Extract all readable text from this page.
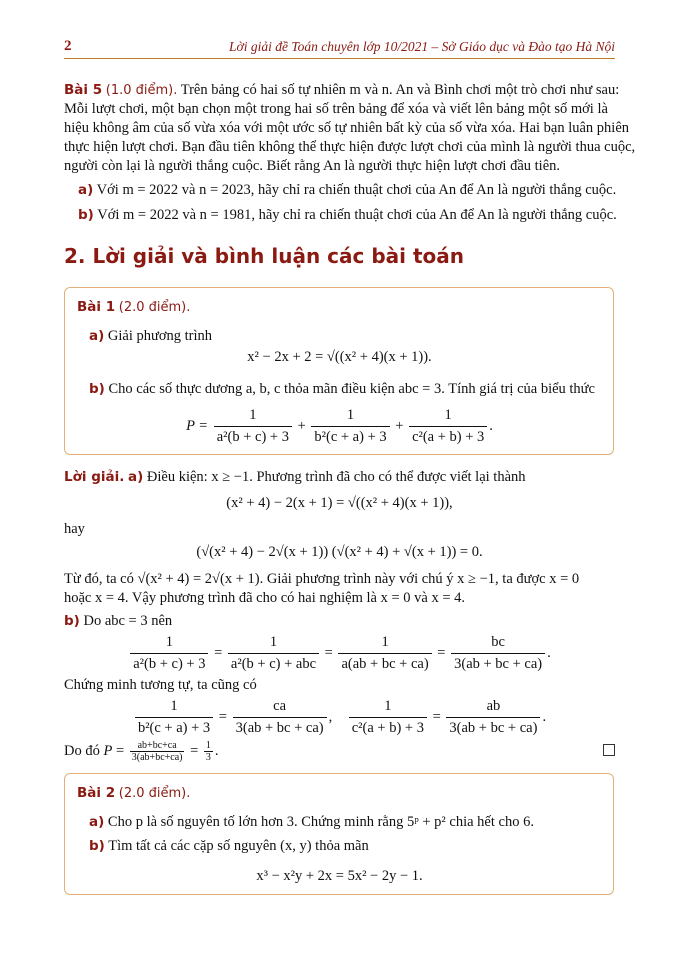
2	Lời giải đề Toán chuyên lớp 10/2021 – Sở Giáo dục và Đào tạo Hà Nội
Bài 5 (1.0 điểm). Trên bảng có hai số tự nhiên m và n. An và Bình chơi một trò chơi như sau:
Mỗi lượt chơi, một bạn chọn một trong hai số trên bảng để xóa và viết lên bảng một số mới là
hiệu không âm của số vừa xóa với một ước số tự nhiên bất kỳ của số vừa xóa. Hai bạn luân phiên
thực hiện lượt chơi. Bạn đầu tiên không thể thực hiện được lượt chơi của mình là người thua cuộc,
người còn lại là người thắng cuộc. Biết rằng An là người thực hiện lượt chơi đầu tiên.
a) Với m = 2022 và n = 2023, hãy chỉ ra chiến thuật chơi của An để An là người thắng cuộc.
b) Với m = 2022 và n = 1981, hãy chỉ ra chiến thuật chơi của An để An là người thắng cuộc.
2. Lời giải và bình luận các bài toán
Bài 1 (2.0 điểm).
a) Giải phương trình
x² − 2x + 2 = √((x² + 4)(x + 1)).
b) Cho các số thực dương a, b, c thỏa mãn điều kiện abc = 3. Tính giá trị của biểu thức
$P = \frac{1}{\text{a²(b + c) + 3}} + \frac{1}{\text{b²(c + a) + 3}} + \frac{1}{\text{c²(a + b) + 3}}$ .
Lời giải. a) Điều kiện: x ≥ −1. Phương trình đã cho có thể được viết lại thành
(x² + 4) − 2(x + 1) = √((x² + 4)(x + 1)),
hay
(√(x² + 4) − 2√(x + 1)) (√(x² + 4) + √(x + 1)) = 0.
Từ đó, ta có √(x² + 4) = 2√(x + 1). Giải phương trình này với chú ý x ≥ −1, ta được x = 0
hoặc x = 4. Vậy phương trình đã cho có hai nghiệm là x = 0 và x = 4.
b) Do abc = 3 nên
$\frac{1}{\text{a²(b + c) + 3}} = \frac{1}{\text{a²(b + c) + abc}} = \frac{1}{a(ab + bc + ca)} = \frac{bc}{3(ab + bc + ca)}$ .
Chứng minh tương tự, ta cũng có
$\frac{1}{\text{b²(c + a) + 3}} = \frac{ca}{3(ab + bc + ca)}$ , $\frac{1}{\text{c²(a + b) + 3}} = \frac{ab}{3(ab + bc + ca)}$ .
Do đó $P = \frac{ab+bc+ca}{3(ab+bc+ca)} = \frac{1}{3}$ .
Bài 2 (2.0 điểm).
a) Cho p là số nguyên tố lớn hơn 3. Chứng minh rằng 5ᵖ + p² chia hết cho 6.
b) Tìm tất cả các cặp số nguyên (x, y) thỏa mãn
x³ − x²y + 2x = 5x² − 2y − 1.
